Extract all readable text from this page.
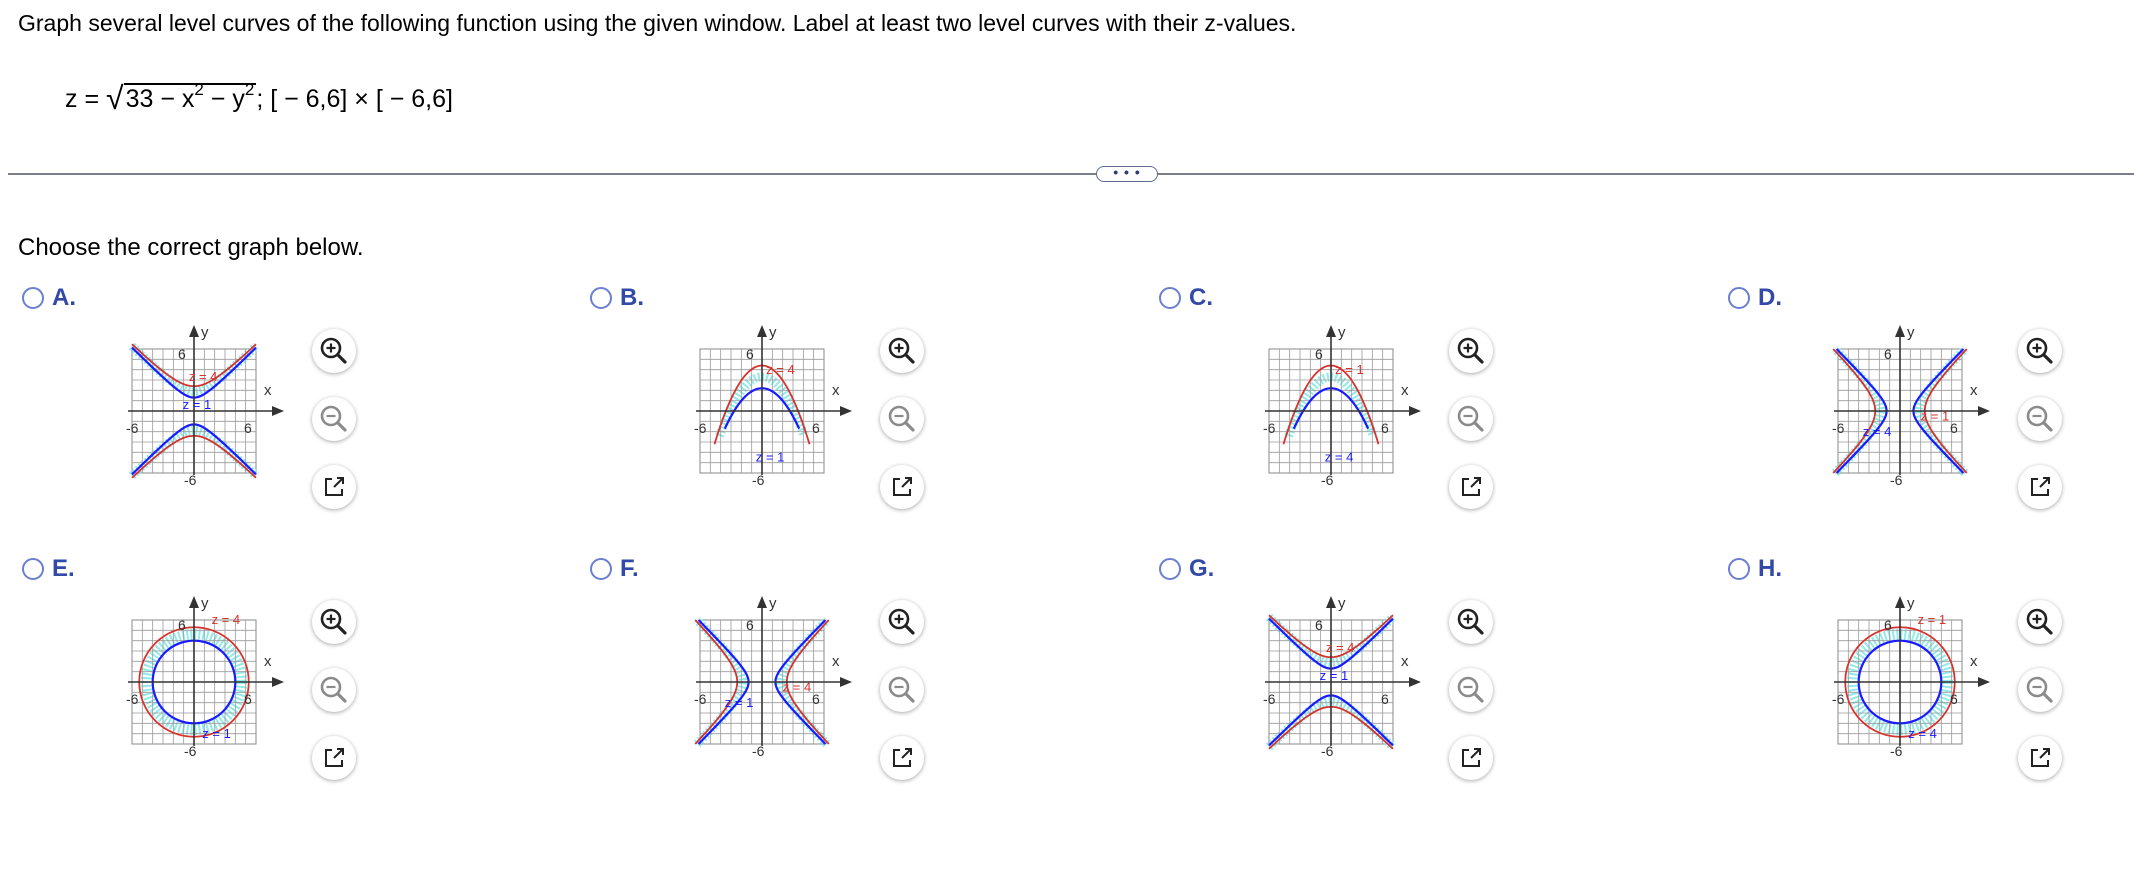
Graph several level curves of the following function using the given window. Label at least two level curves with their z-values.
$z = √33 - x^2 - y^2$; [ − 6,6] × [ − 6,6]
• • •
Choose the correct graph below.
A.
y
x
6
-6
-6	6
z = 4
z = 1
B.
y
x
6
-6
-6	6
z = 4
z = 1
C.
y
x
6
-6
-6	6
z = 1
z = 4
D.
y
x
6
-6
-6	6
z = 1
z = 4
E.
y
x
6
-6
-6	6
z = 4
z = 1
F.
y
x
6
-6
-6	6
z = 4
z = 1
G.
y
x
6
-6
-6	6
z = 4
z = 1
H.
y
x
6
-6
-6	6
z = 1
z = 4
